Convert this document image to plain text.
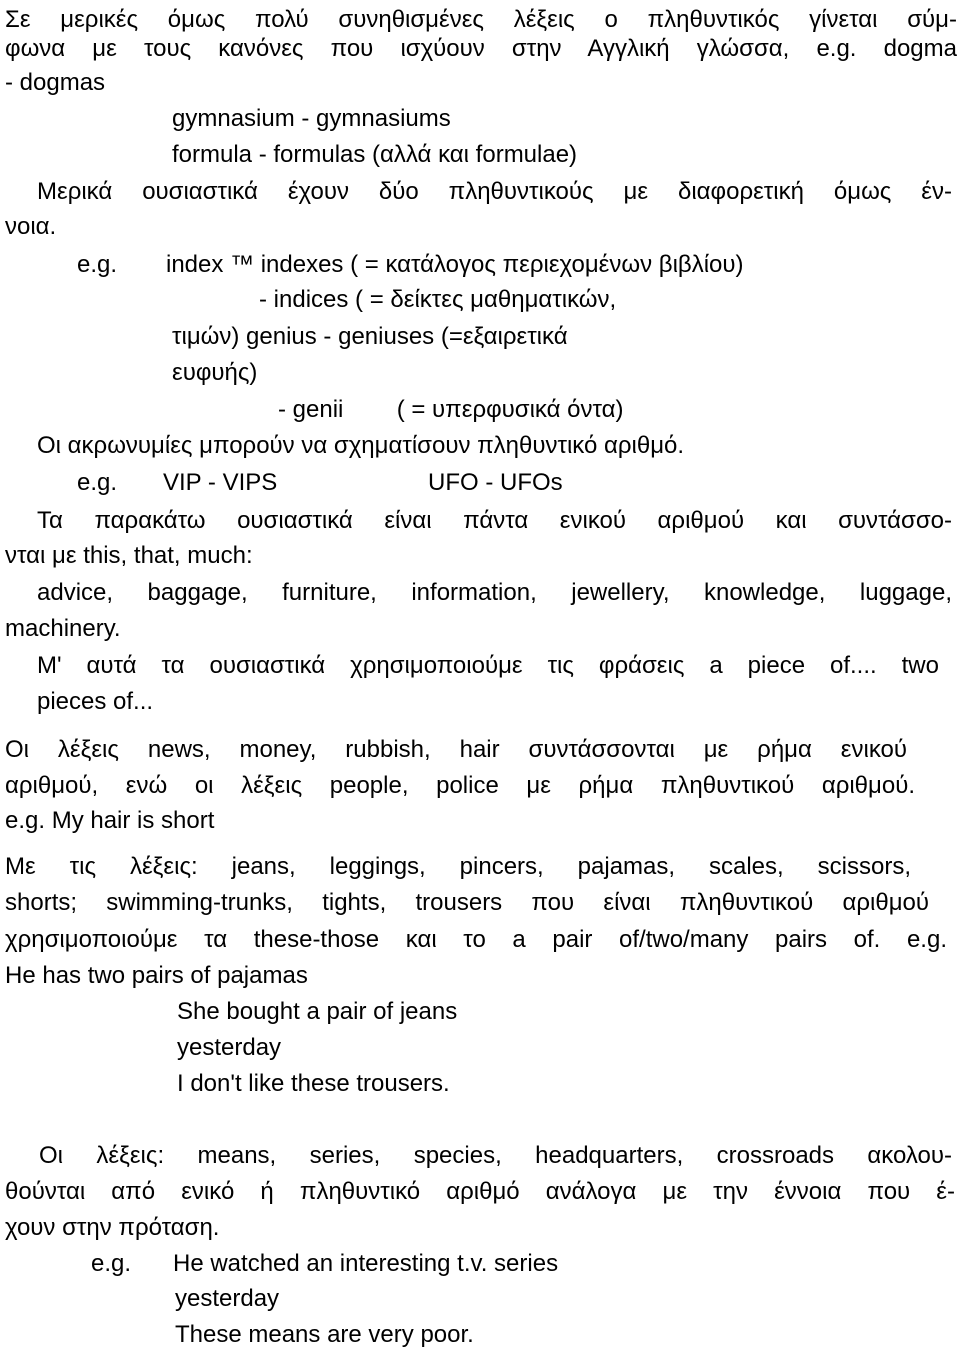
Σε μερικές όμως πολύ συνηθισμένες λέξεις ο πληθυντικός γίνεται σύμ-
φωνα με τους κανόνες που ισχύουν στην Αγγλική γλώσσα, e.g. dogma
- dogmas
gymnasium - gymnasiums
formula - formulas (αλλά και formulae)
Μερικά ουσιαστικά έχουν δύο πληθυντικούς με διαφορετική όμως έν-
νοια.
e.g. index ™ indexes ( = κατάλογος περιεχομένων βιβλίου)
- indices ( = δείκτες μαθηματικών,
τιμών) genius - geniuses (=εξαιρετικά
ευφυής)
- genii        ( = υπερφυσικά όντα)
Οι ακρωνυμίες μπορούν να σχηματίσουν πληθυντικό αριθμό.
e.g. VIP - VIPS	UFO - UFOs
Τα παρακάτω ουσιαστικά είναι πάντα ενικού αριθμού και συντάσσο-
νται με this, that, much:
advice, baggage, furniture, information, jewellery, knowledge, luggage,
machinery.
Μ' αυτά τα ουσιαστικά χρησιμοποιούμε τις φράσεις a piece of.... two
pieces of...
Οι λέξεις news, money, rubbish, hair συντάσσονται με ρήμα ενικού
αριθμού, ενώ οι λέξεις people, police με ρήμα πληθυντικού αριθμού.
e.g. My hair is short
Με τις λέξεις: jeans, leggings, pincers, pajamas, scales, scissors,
shorts; swimming-trunks, tights, trousers που είναι πληθυντικού αριθμού
χρησιμοποιούμε τα these-those και το a pair of/two/many pairs of. e.g.
He has two pairs of pajamas
She bought a pair of jeans
yesterday
I don't like these trousers.
Οι λέξεις: means, series, species, headquarters, crossroads ακολου-
θούνται από ενικό ή πληθυντικό αριθμό ανάλογα με την έννοια που έ-
χουν στην πρόταση.
e.g. He watched an interesting t.v. series
yesterday
These means are very poor.
